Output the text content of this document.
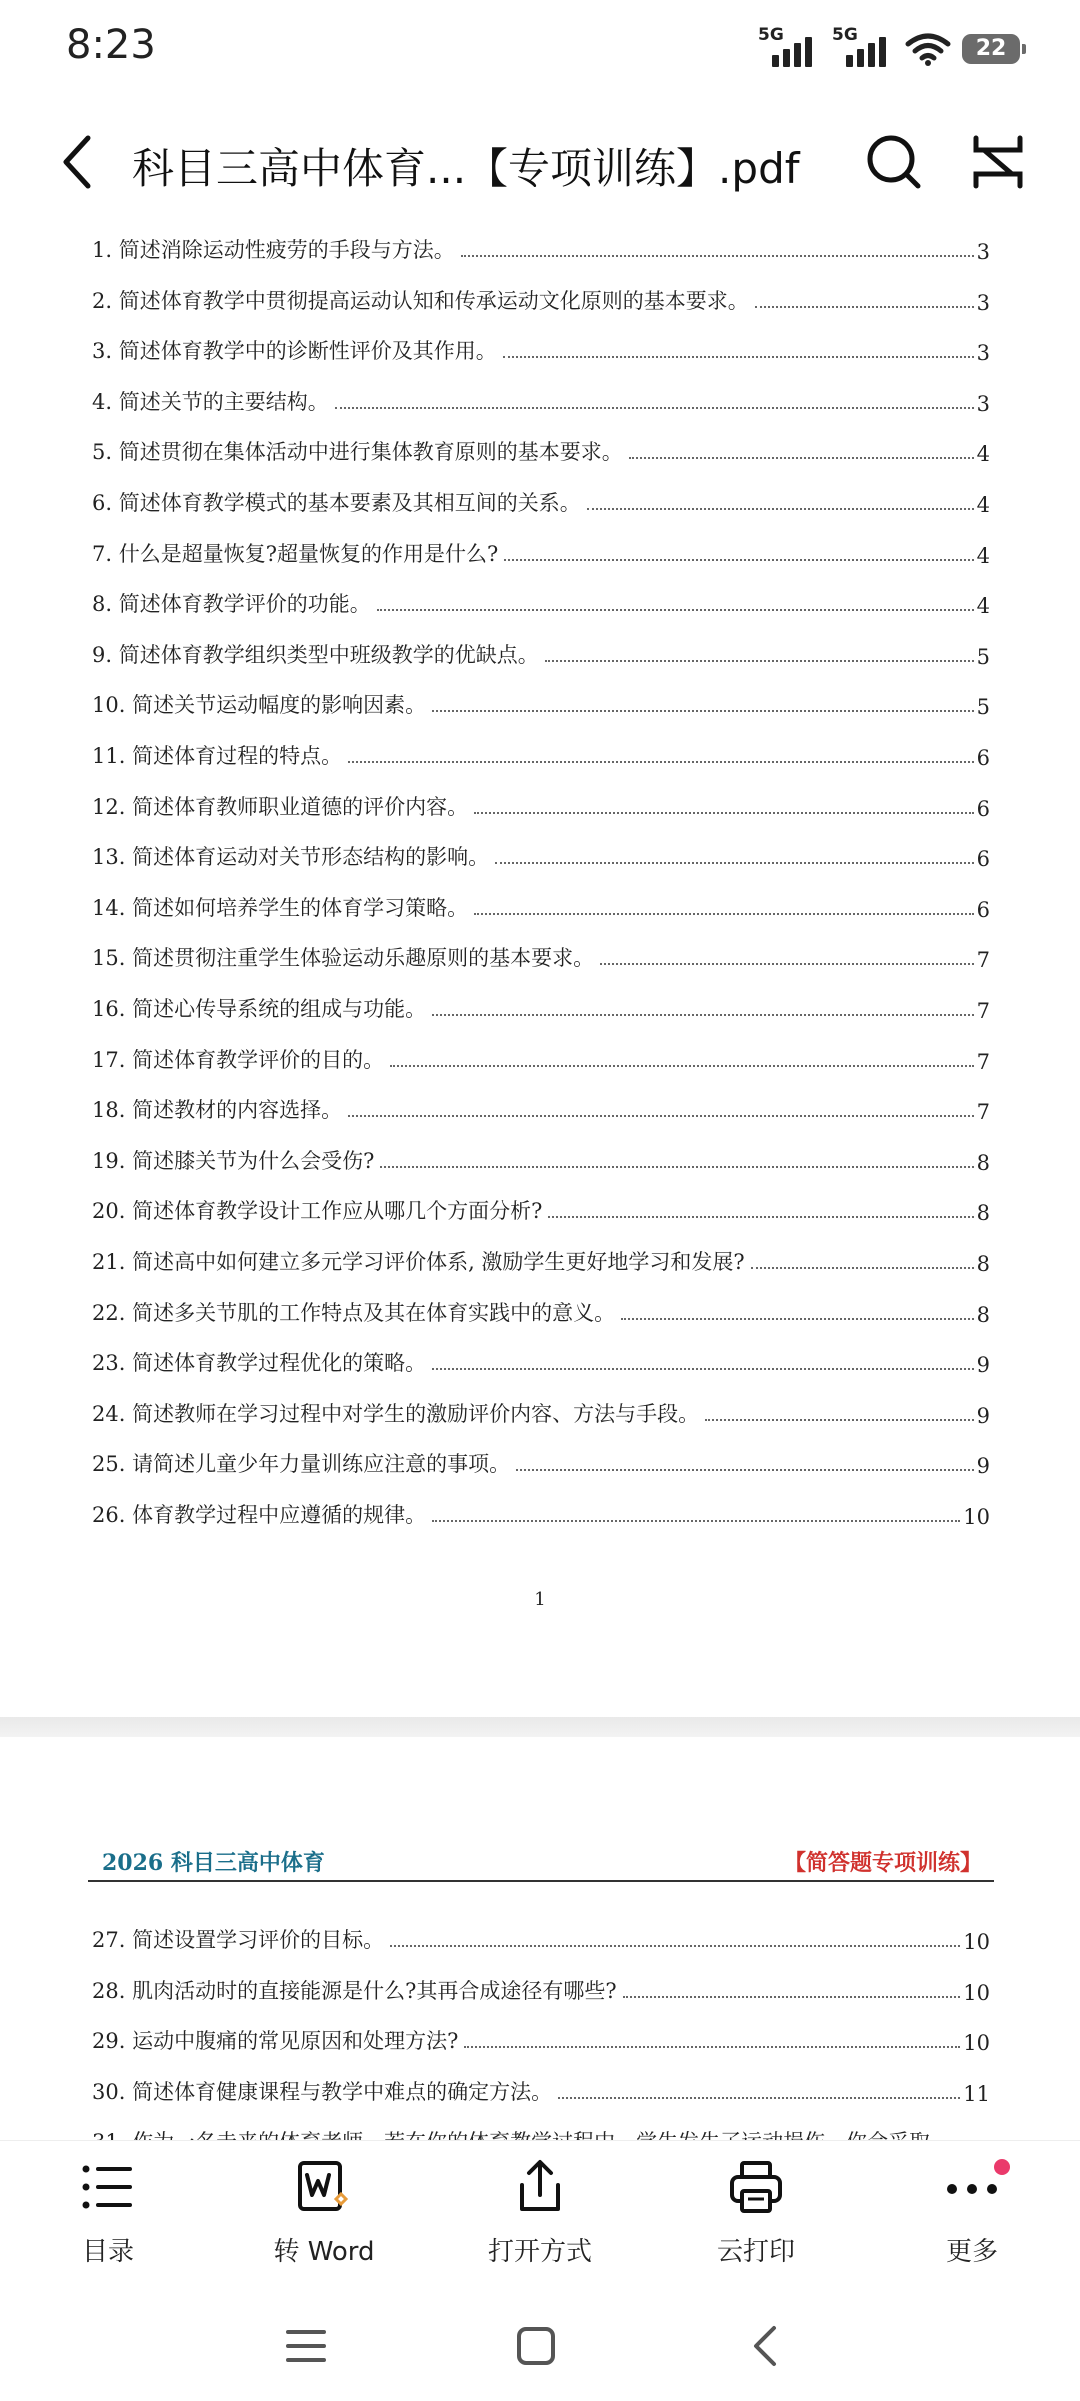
8:23	5G	5G
22
科目三高中体育...【专项训练】.pdf
1. 简述消除运动性疲劳的手段与方法。	3
2. 简述体育教学中贯彻提高运动认知和传承运动文化原则的基本要求。	3
3. 简述体育教学中的诊断性评价及其作用。	3
4. 简述关节的主要结构。	3
5. 简述贯彻在集体活动中进行集体教育原则的基本要求。	4
6. 简述体育教学模式的基本要素及其相互间的关系。	4
7. 什么是超量恢复?超量恢复的作用是什么?	4
8. 简述体育教学评价的功能。	4
9. 简述体育教学组织类型中班级教学的优缺点。	5
10. 简述关节运动幅度的影响因素。	5
11. 简述体育过程的特点。	6
12. 简述体育教师职业道德的评价内容。	6
13. 简述体育运动对关节形态结构的影响。	6
14. 简述如何培养学生的体育学习策略。	6
15. 简述贯彻注重学生体验运动乐趣原则的基本要求。	7
16. 简述心传导系统的组成与功能。	7
17. 简述体育教学评价的目的。	7
18. 简述教材的内容选择。	7
19. 简述膝关节为什么会受伤?	8
20. 简述体育教学设计工作应从哪几个方面分析?	8
21. 简述高中如何建立多元学习评价体系, 激励学生更好地学习和发展?	8
22. 简述多关节肌的工作特点及其在体育实践中的意义。	8
23. 简述体育教学过程优化的策略。	9
24. 简述教师在学习过程中对学生的激励评价内容、方法与手段。	9
25. 请简述儿童少年力量训练应注意的事项。	9
26. 体育教学过程中应遵循的规律。	10
1
2026 科目三高中体育	【简答题专项训练】
27. 简述设置学习评价的目标。	10
28. 肌肉活动时的直接能源是什么?其再合成途径有哪些?	10
29. 运动中腹痛的常见原因和处理方法?	10
30. 简述体育健康课程与教学中难点的确定方法。	11
目录	转 Word	打开方式	云打印	更多
